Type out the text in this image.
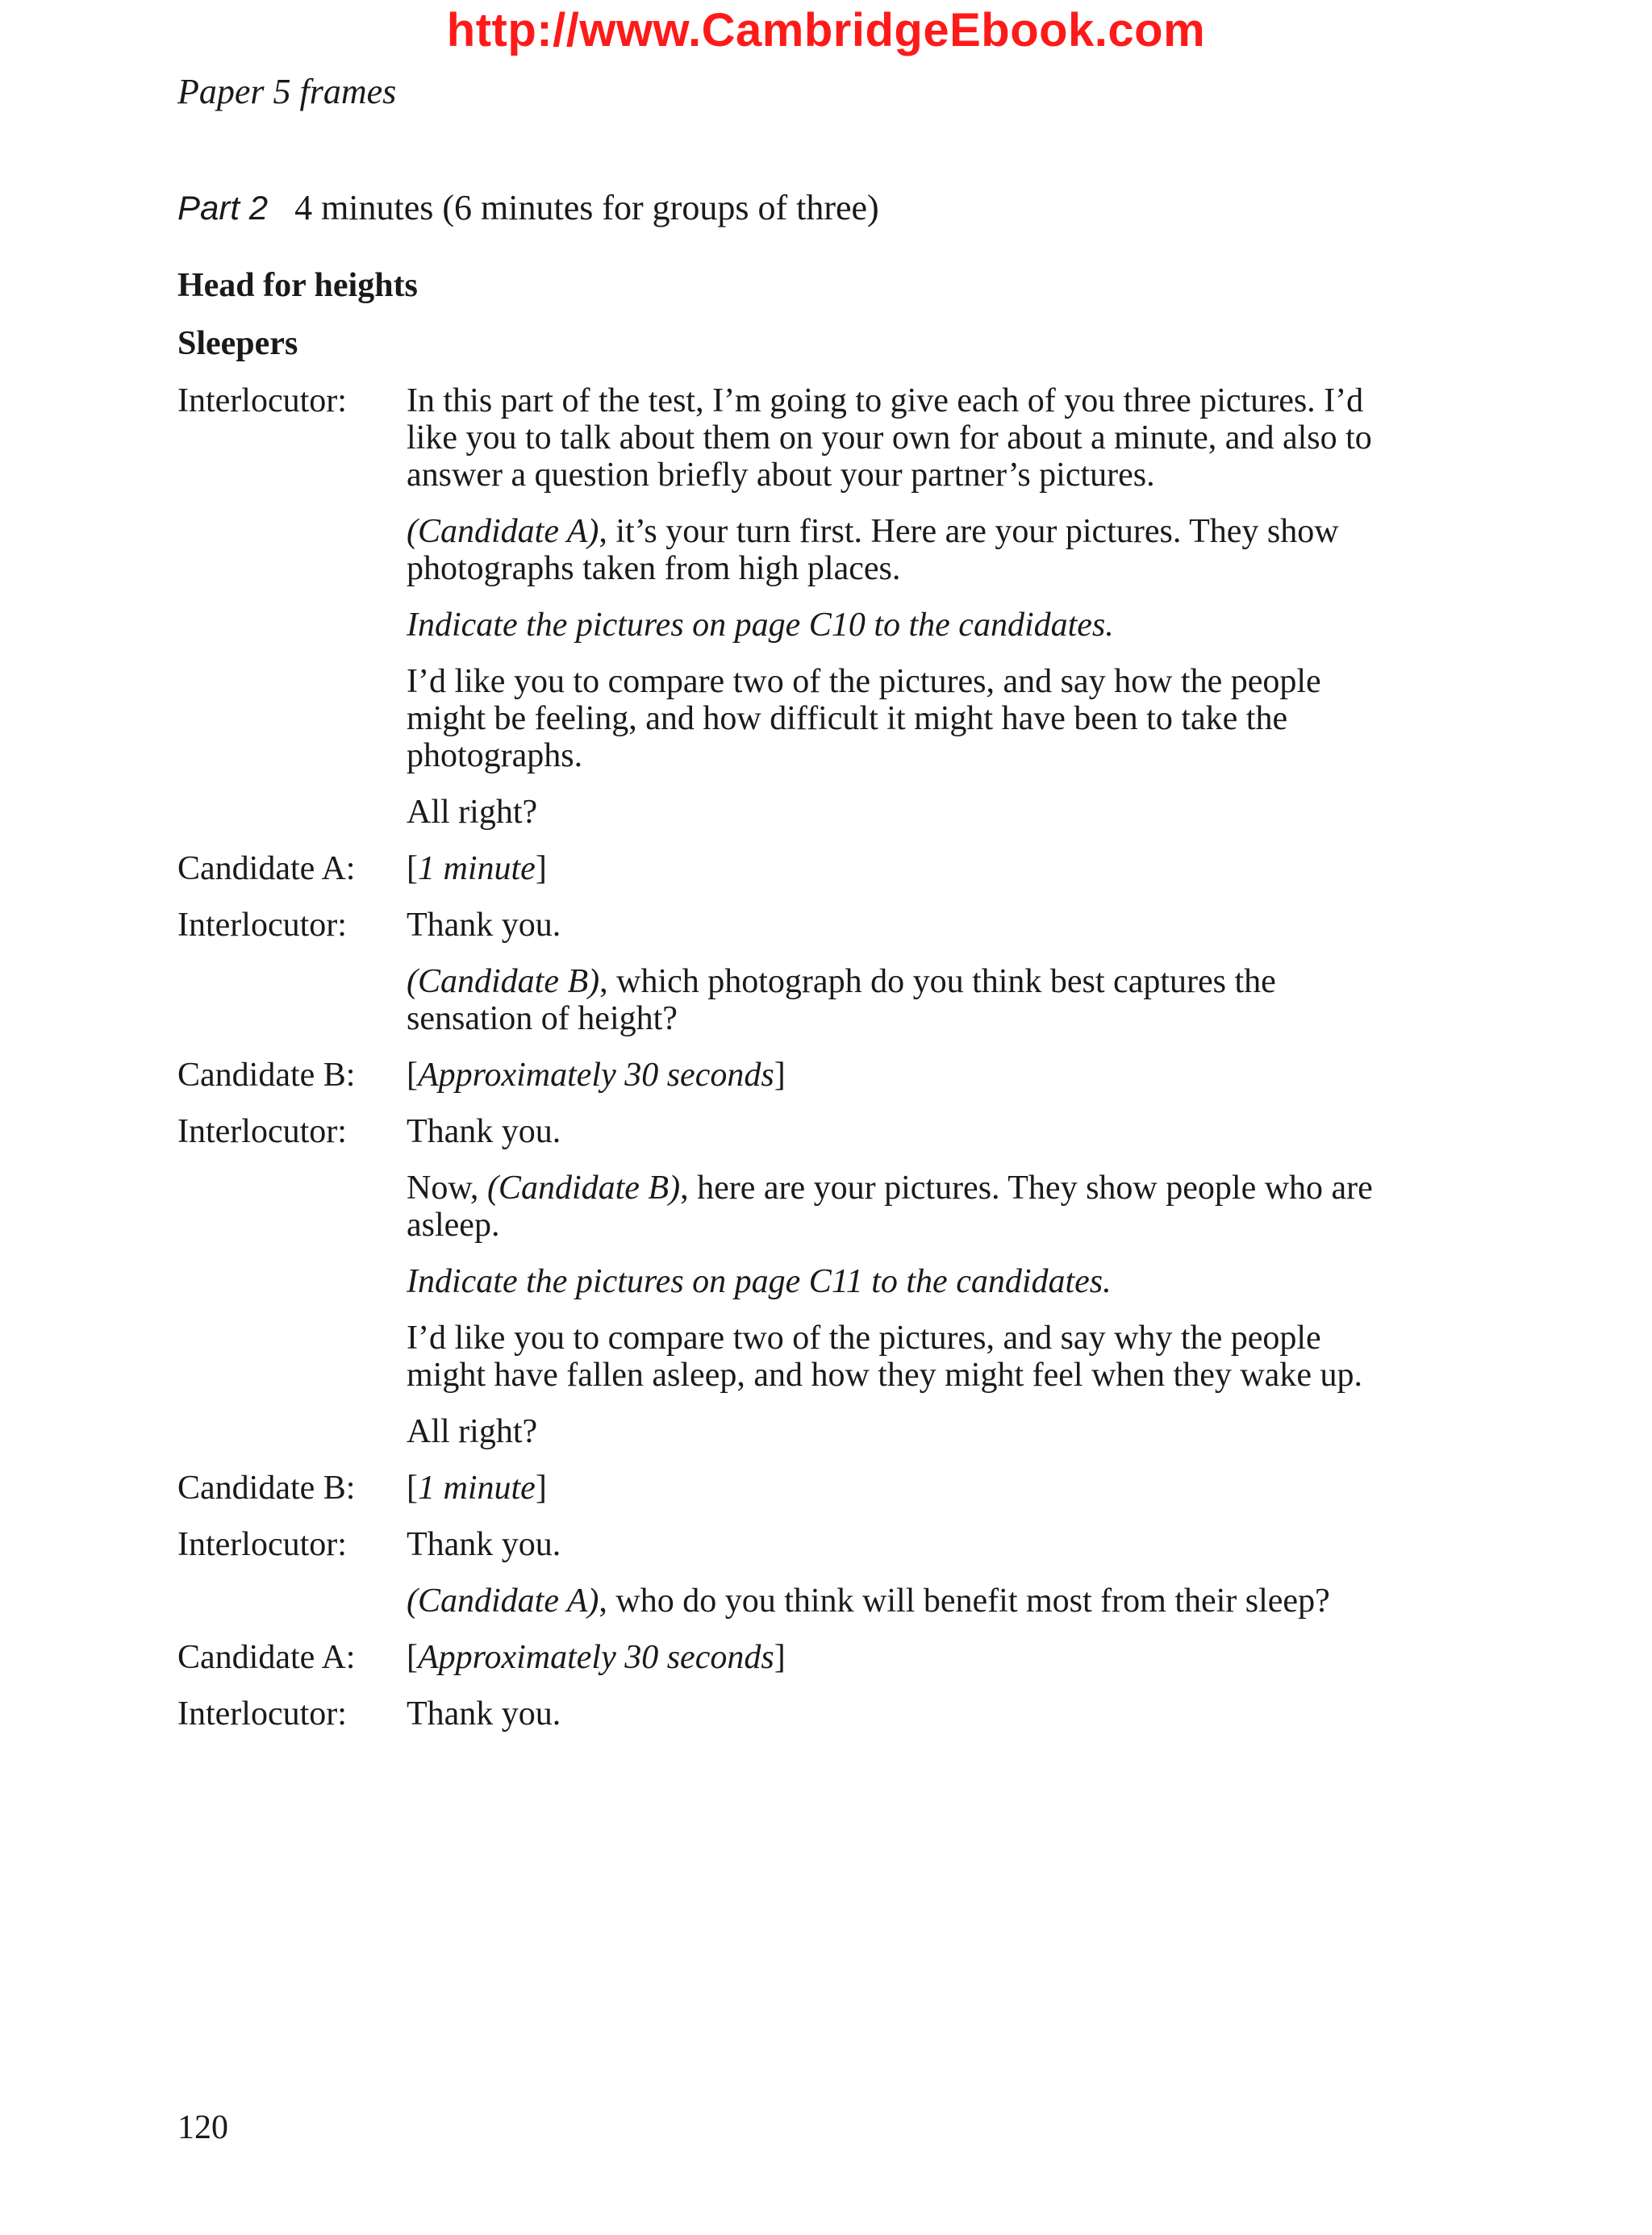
http://www.CambridgeEbook.com
Paper 5 frames
Part 2 4 minutes (6 minutes for groups of three)
Head for heights
Sleepers
Interlocutor:	In this part of the test, I’m going to give each of you three pictures. I’d like you to talk about them on your own for about a minute, and also to answer a question briefly about your partner’s pictures.
(Candidate A), it’s your turn first. Here are your pictures. They show photographs taken from high places.
Indicate the pictures on page C10 to the candidates.
I’d like you to compare two of the pictures, and say how the people might be feeling, and how difficult it might have been to take the photographs.
All right?
Candidate A:	[1 minute]
Interlocutor:	Thank you.
(Candidate B), which photograph do you think best captures the sensation of height?
Candidate B:	[Approximately 30 seconds]
Interlocutor:	Thank you.
Now, (Candidate B), here are your pictures. They show people who are asleep.
Indicate the pictures on page C11 to the candidates.
I’d like you to compare two of the pictures, and say why the people might have fallen asleep, and how they might feel when they wake up.
All right?
Candidate B:	[1 minute]
Interlocutor:	Thank you.
(Candidate A), who do you think will benefit most from their sleep?
Candidate A:	[Approximately 30 seconds]
Interlocutor:	Thank you.
120
